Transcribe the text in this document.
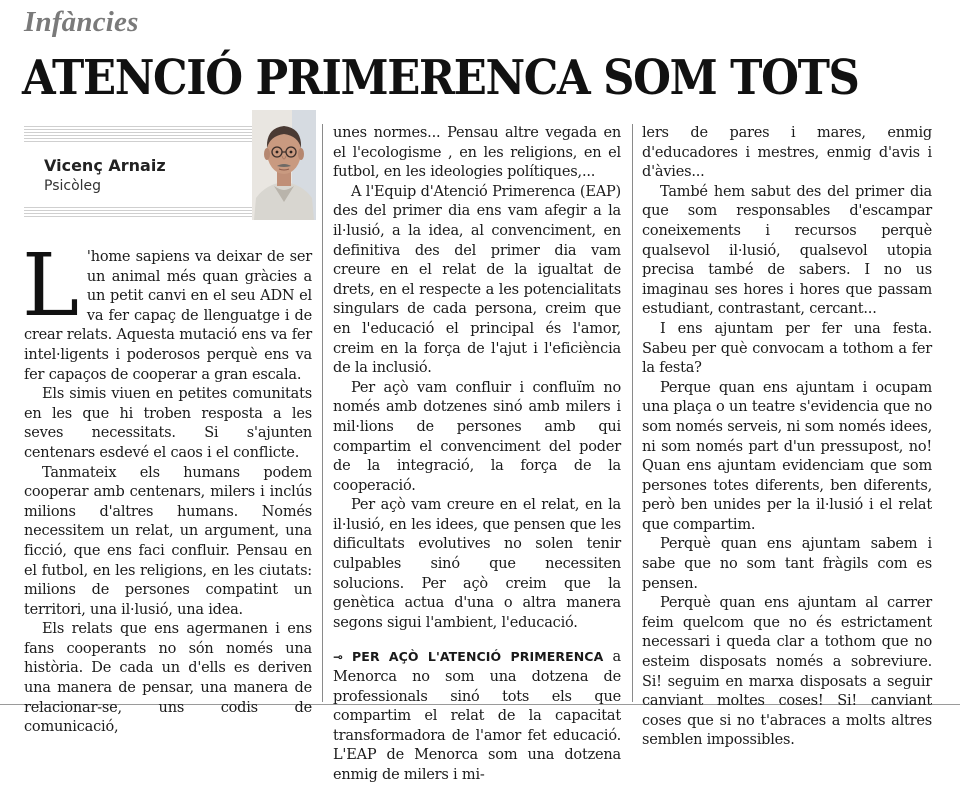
Infàncies
ATENCIÓ PRIMERENCA SOM TOTS
Vicenç Arnaiz
Psicòleg

L 'home sapiens va deixar de ser un animal més quan gràcies a un petit canvi en el seu ADN el va fer capaç de llenguatge i de crear relats. Aquesta mutació ens va fer intel·ligents i poderosos perquè ens va fer capaços de cooperar a gran escala.

Els simis viuen en petites comunitats en les que hi troben resposta a les seves necessitats. Si s'ajunten centenars esdevé el caos i el conflicte.

Tanmateix els humans podem cooperar amb centenars, milers i inclús milions d'altres humans. Només necessitem un relat, un argument, una ficció, que ens faci confluir. Pensau en el futbol, en les religions, en les ciutats: milions de persones compatint un territori, una il·lusió, una idea.

Els relats que ens agermanen i ens fans cooperants no són només una història. De cada un d'ells es deriven una manera de pensar, una manera de relacionar-se, uns codis de comunicació,

unes normes... Pensau altre vegada en el l'ecologisme , en les religions, en el futbol, en les ideologies polítiques,...

A l'Equip d'Atenció Primerenca (EAP) des del primer dia ens vam afegir a la il·lusió, a la idea, al convenciment, en definitiva des del primer dia vam creure en el relat de la igualtat de drets, en el respecte a les potencialitats singulars de cada persona, creim que en l'educació el principal és l'amor, creim en la força de l'ajut i l'eficiència de la inclusió.

Per açò vam confluir i confluïm no només amb dotzenes sinó amb milers i mil·lions de persones amb qui compartim el convenciment del poder de la integració, la força de la cooperació.

Per açò vam creure en el relat, en la il·lusió, en les idees, que pensen que les dificultats evolutives no solen tenir culpables sinó que necessiten solucions. Per açò creim que la genètica actua d'una o altra manera segons sigui l'ambient, l'educació.

⊸ PER AÇÒ L'ATENCIÓ PRIMERENCA a Menorca no som una dotzena de professionals sinó tots els que compartim el relat de la capacitat transformadora de l'amor fet educació. L'EAP de Menorca som una dotzena enmig de milers i mi-

lers de pares i mares, enmig d'educadores i mestres, enmig d'avis i d'àvies...

També hem sabut des del primer dia que som responsables d'escampar coneixements i recursos perquè qualsevol il·lusió, qualsevol utopia precisa també de sabers. I no us imaginau ses hores i hores que passam estudiant, contrastant, cercant...

I ens ajuntam per fer una festa. Sabeu per què convocam a tothom a fer la festa?

Perque quan ens ajuntam i ocupam una plaça o un teatre s'evidencia que no som només serveis, ni som només idees, ni som només part d'un pressupost, no! Quan ens ajuntam evidenciam que som persones totes diferents, ben diferents, però ben unides per la il·lusió i el relat que compartim.

Perquè quan ens ajuntam sabem i sabe que no som tant fràgils com es pensen.

Perquè quan ens ajuntam al carrer feim quelcom que no és estrictament necessari i queda clar a tothom que no esteim disposats només a sobreviure. Si! seguim en marxa disposats a seguir canviant moltes coses! Si! canviant coses que si no t'abraces a molts altres semblen impossibles.
